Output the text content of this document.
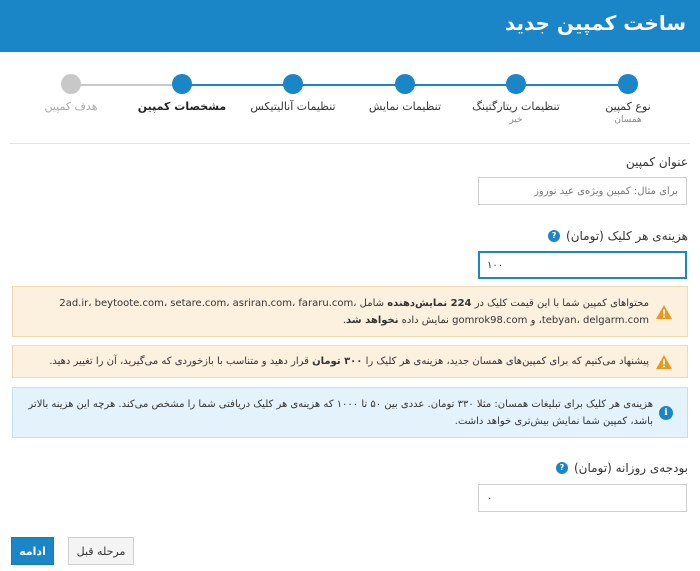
ساخت کمپین جدید
نوع کمپین
همسان
تنظیمات ریتارگتینگ
خیر
تنظیمات نمایش
تنظیمات آنالیتیکس
مشخصات کمپین
هدف کمپین
عنوان کمپین
برای مثال: کمپین ویژه‌ی عید نوروز
هزینه‌ی هر کلیک (تومان)
?
۱۰۰
محتواهای کمپین شما با این قیمت کلیک در 224 نمایش‌دهنده شامل 2ad.ir، beytoote.com، setare.com، asriran.com، fararu.com، tebyan، delgarm.com، و gomrok98.com نمایش داده نخواهد شد.
پیشنهاد می‌کنیم که برای کمپین‌های همسان جدید، هزینه‌ی هر کلیک را ۳۰۰ تومان قرار دهید و متناسب با بازخوردی که می‌گیرید، آن را تغییر دهید.
i
هزینه‌ی هر کلیک برای تبلیغات همسان: مثلا ۳۳۰ تومان. عددی بین ۵۰ تا ۱۰۰۰ که هزینه‌ی هر کلیک دریافتی شما را مشخص می‌کند. هرچه این هزینه بالاتر باشد، کمپین شما نمایش بیش‌تری خواهد داشت.
بودجه‌ی روزانه (تومان)
?
۰
ادامه	مرحله قبل
